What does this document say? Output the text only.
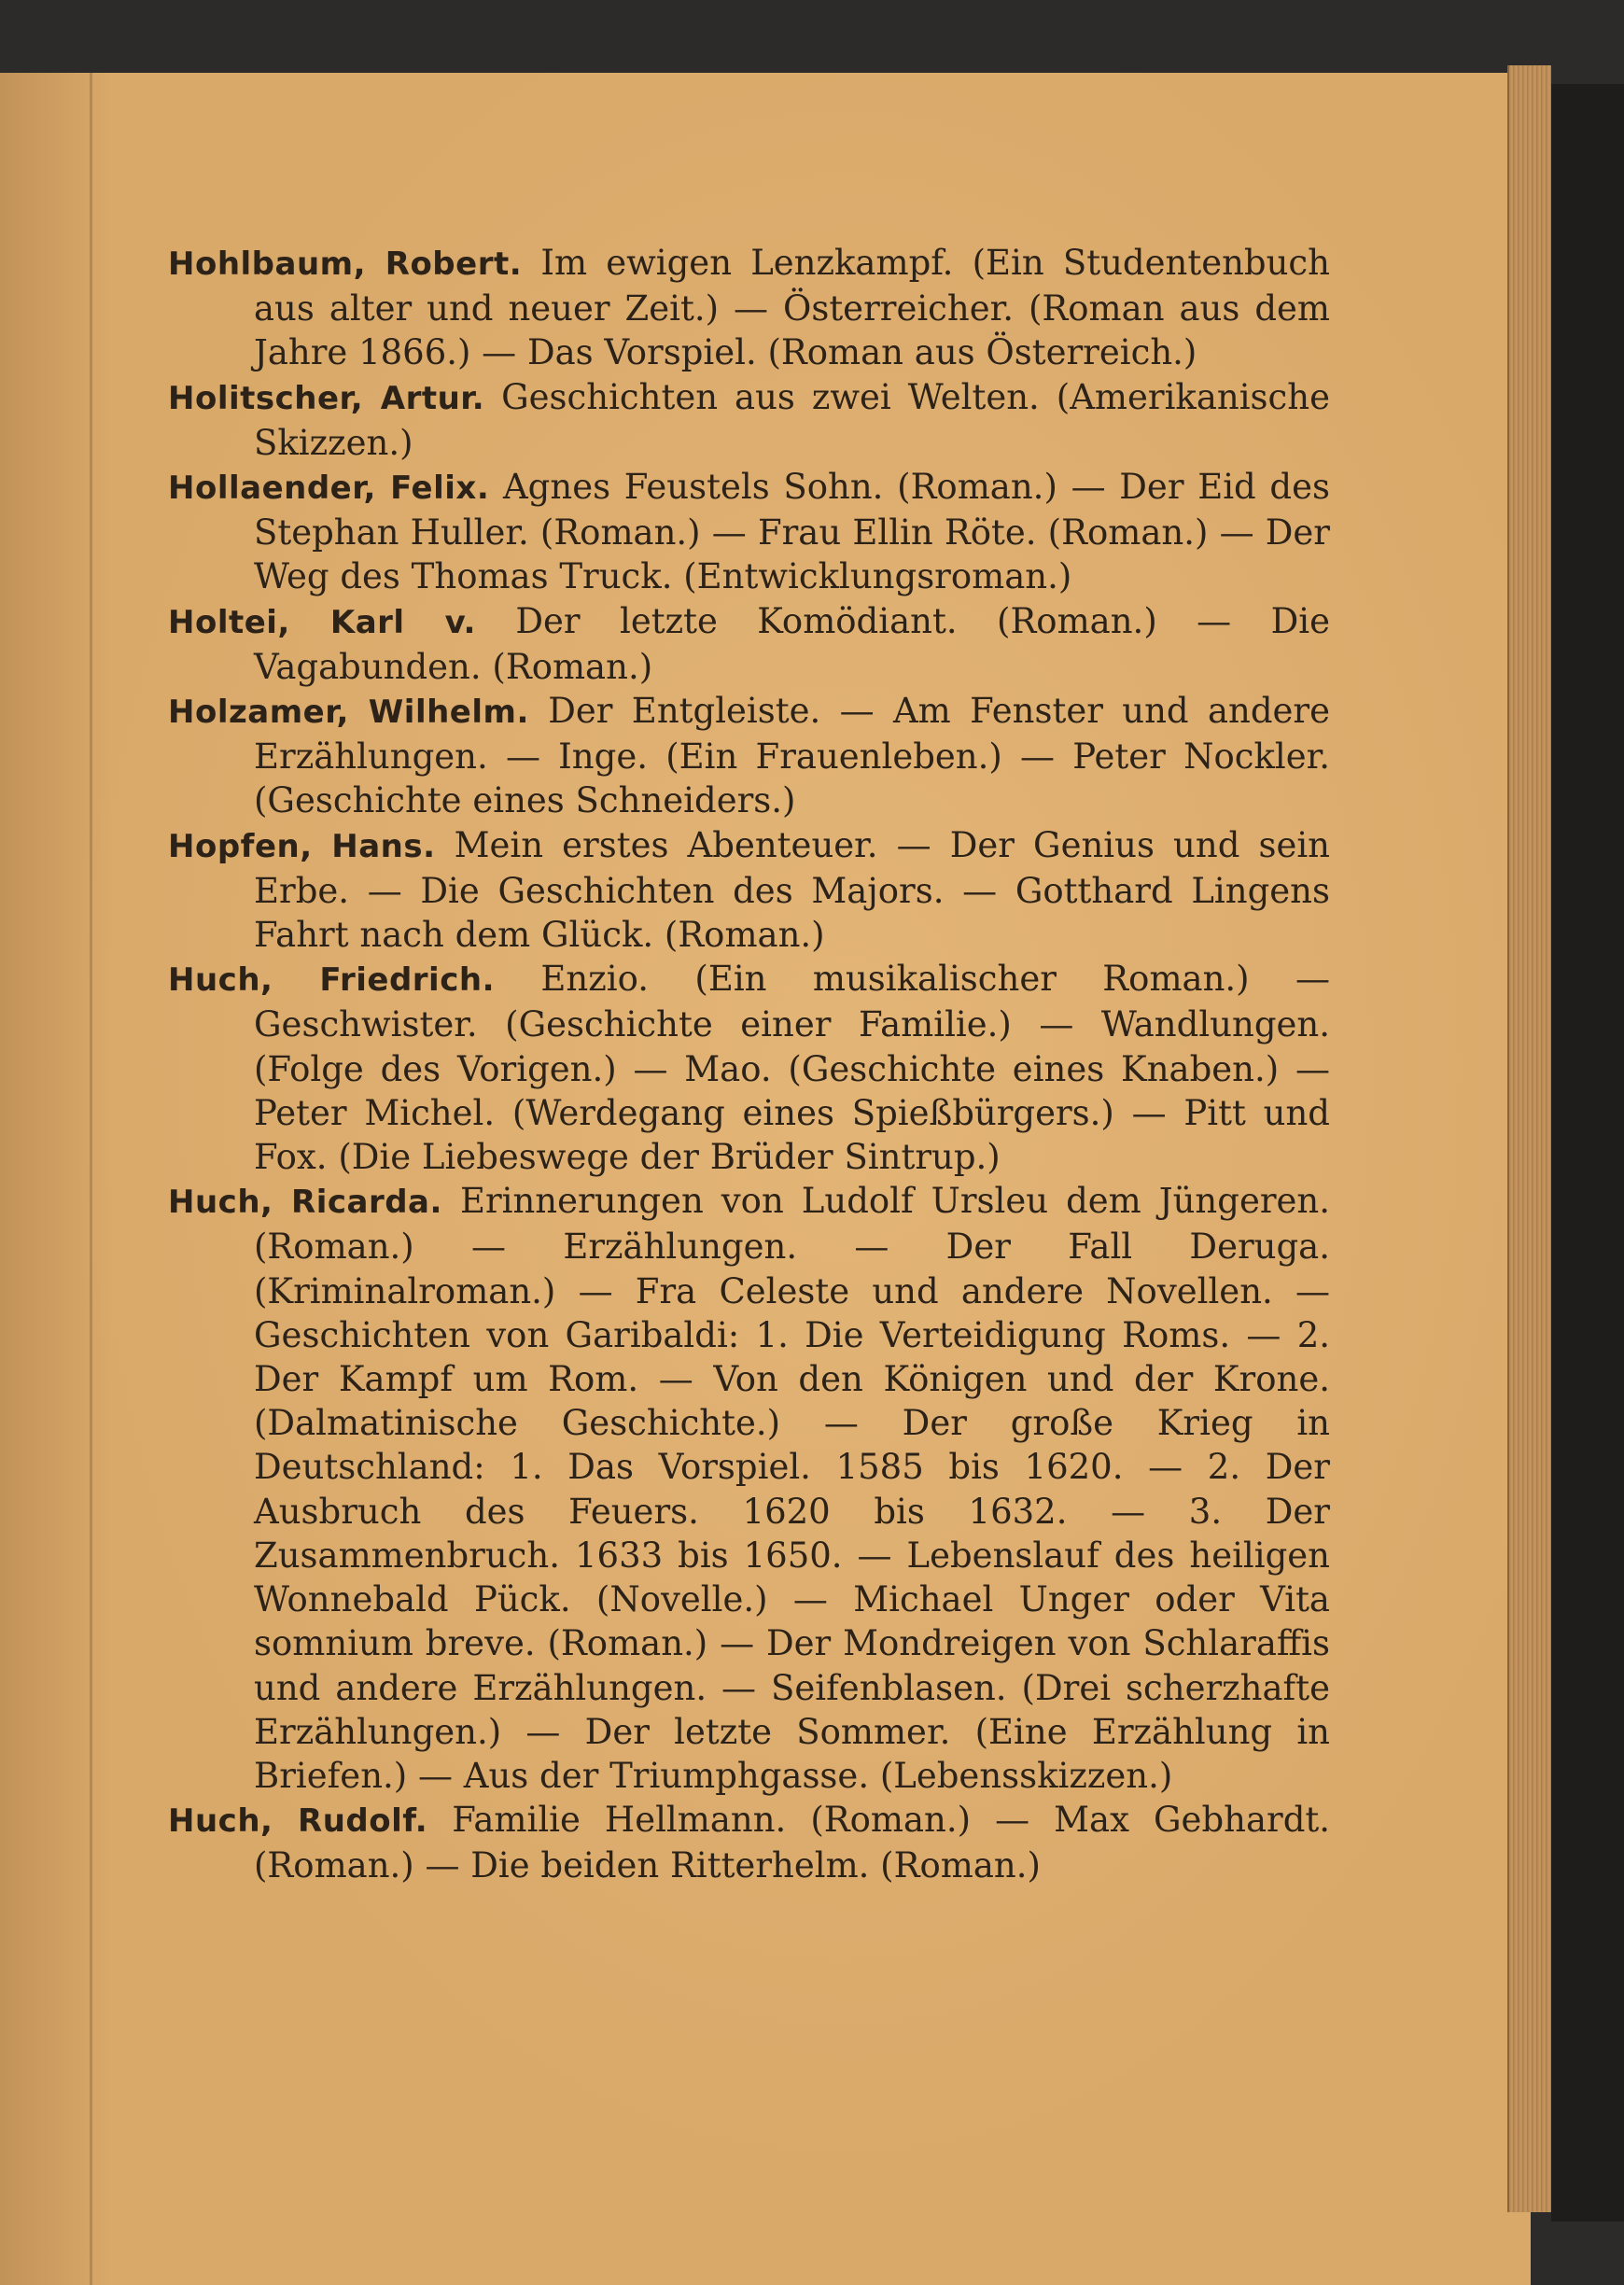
Hohlbaum, Robert. Im ewigen Lenzkampf. (Ein Studentenbuch aus alter und neuer Zeit.) — Österreicher. (Roman aus dem Jahre 1866.) — Das Vorspiel. (Roman aus Österreich.)

Holitscher, Artur. Geschichten aus zwei Welten. (Amerikanische Skizzen.)

Hollaender, Felix. Agnes Feustels Sohn. (Roman.) — Der Eid des Stephan Huller. (Roman.) — Frau Ellin Röte. (Roman.) — Der Weg des Thomas Truck. (Entwicklungsroman.)

Holtei, Karl v. Der letzte Komödiant. (Roman.) — Die Vagabunden. (Roman.)

Holzamer, Wilhelm. Der Entgleiste. — Am Fenster und andere Erzählungen. — Inge. (Ein Frauenleben.) — Peter Nockler. (Geschichte eines Schneiders.)

Hopfen, Hans. Mein erstes Abenteuer. — Der Genius und sein Erbe. — Die Geschichten des Majors. — Gotthard Lingens Fahrt nach dem Glück. (Roman.)

Huch, Friedrich. Enzio. (Ein musikalischer Roman.) — Geschwister. (Geschichte einer Familie.) — Wandlungen. (Folge des Vorigen.) — Mao. (Geschichte eines Knaben.) — Peter Michel. (Werdegang eines Spießbürgers.) — Pitt und Fox. (Die Liebeswege der Brüder Sintrup.)

Huch, Ricarda. Erinnerungen von Ludolf Ursleu dem Jüngeren. (Roman.) — Erzählungen. — Der Fall Deruga. (Kriminalroman.) — Fra Celeste und andere Novellen. — Geschichten von Garibaldi: 1. Die Verteidigung Roms. — 2. Der Kampf um Rom. — Von den Königen und der Krone. (Dalmatinische Geschichte.) — Der große Krieg in Deutschland: 1. Das Vorspiel. 1585 bis 1620. — 2. Der Ausbruch des Feuers. 1620 bis 1632. — 3. Der Zusammenbruch. 1633 bis 1650. — Lebenslauf des heiligen Wonnebald Pück. (Novelle.) — Michael Unger oder Vita somnium breve. (Roman.) — Der Mondreigen von Schlaraffis und andere Erzählungen. — Seifenblasen. (Drei scherzhafte Erzählungen.) — Der letzte Sommer. (Eine Erzählung in Briefen.) — Aus der Triumphgasse. (Lebensskizzen.)

Huch, Rudolf. Familie Hellmann. (Roman.) — Max Gebhardt. (Roman.) — Die beiden Ritterhelm. (Roman.)
